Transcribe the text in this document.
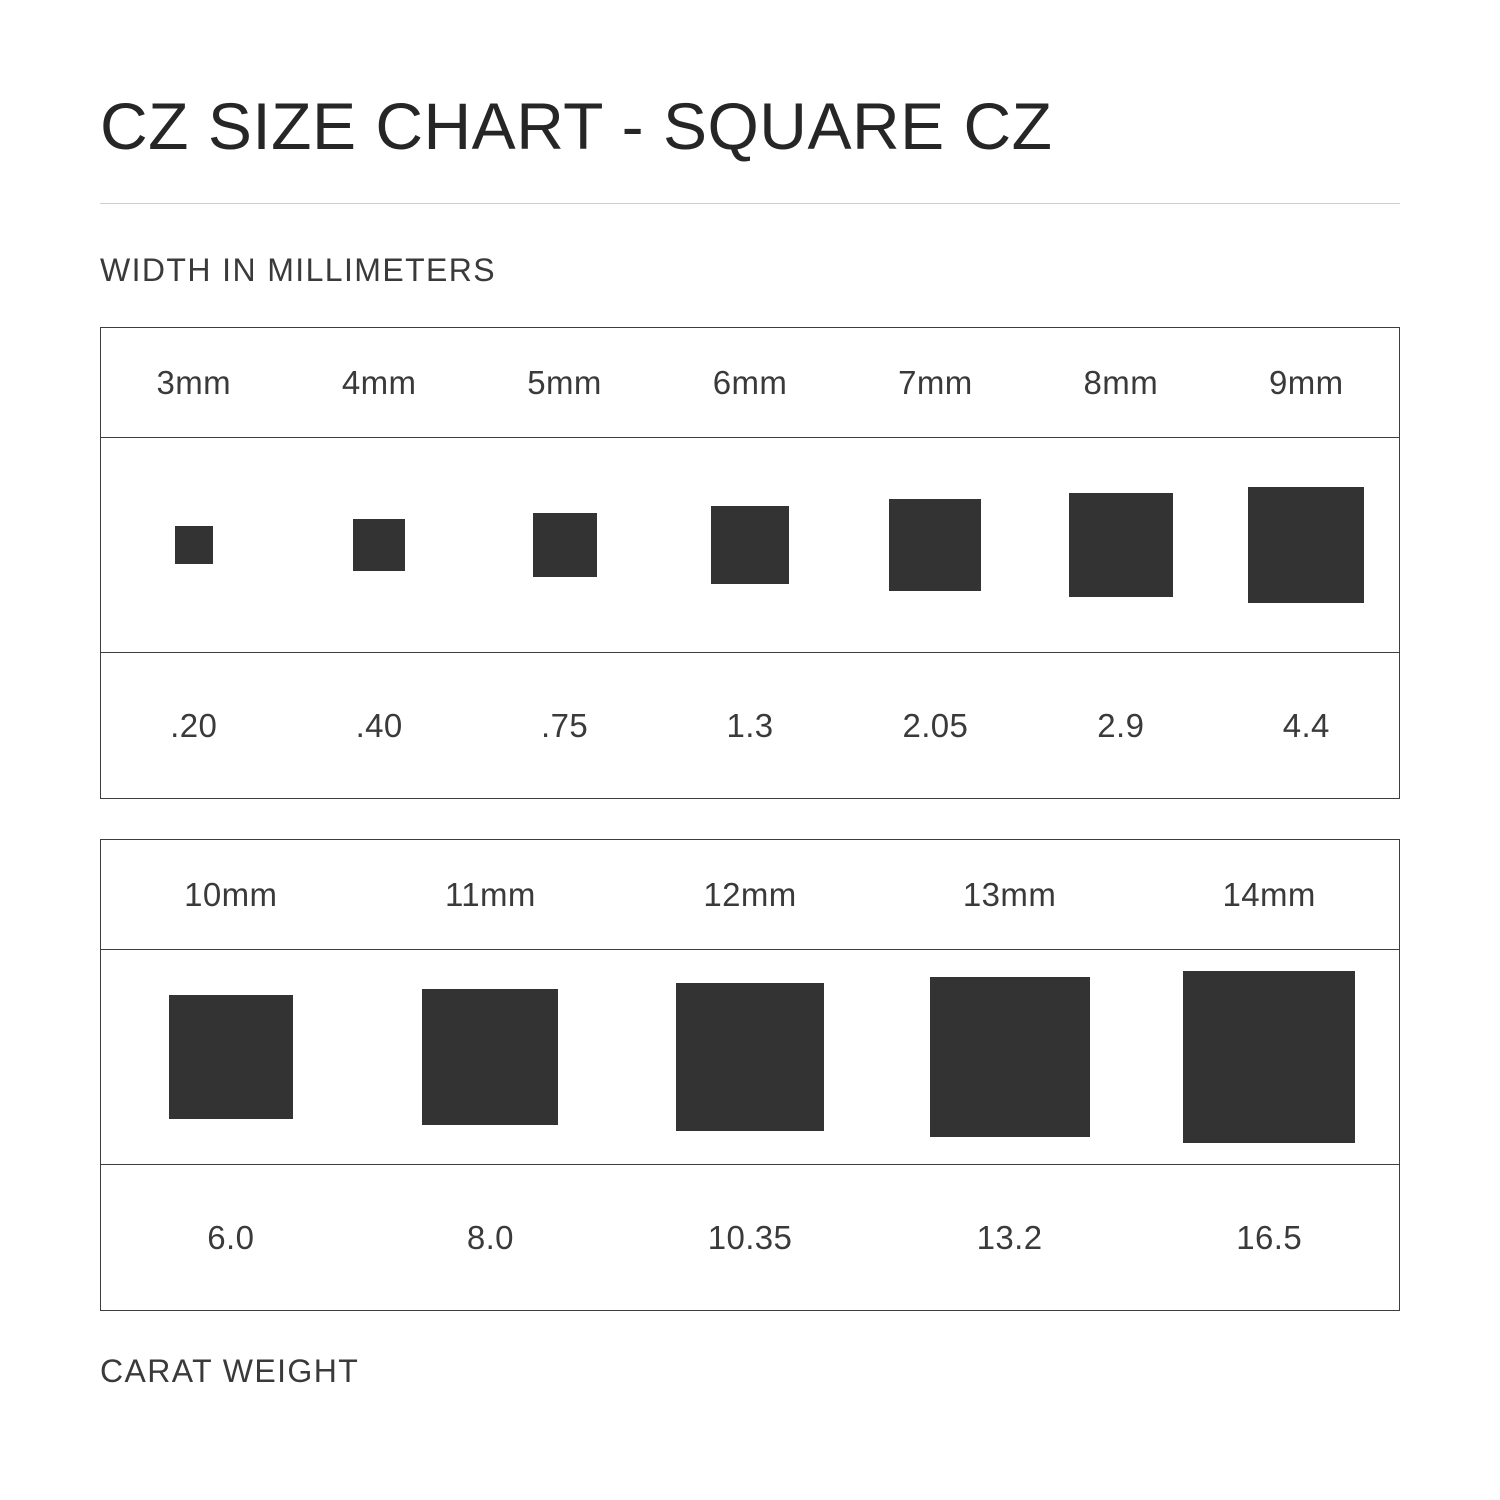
CZ SIZE CHART - SQUARE CZ
WIDTH IN MILLIMETERS
3mm	4mm	5mm	6mm	7mm	8mm	9mm
.20	.40	.75	1.3	2.05	2.9	4.4
10mm	11mm	12mm	13mm	14mm
6.0	8.0	10.35	13.2	16.5
CARAT WEIGHT
